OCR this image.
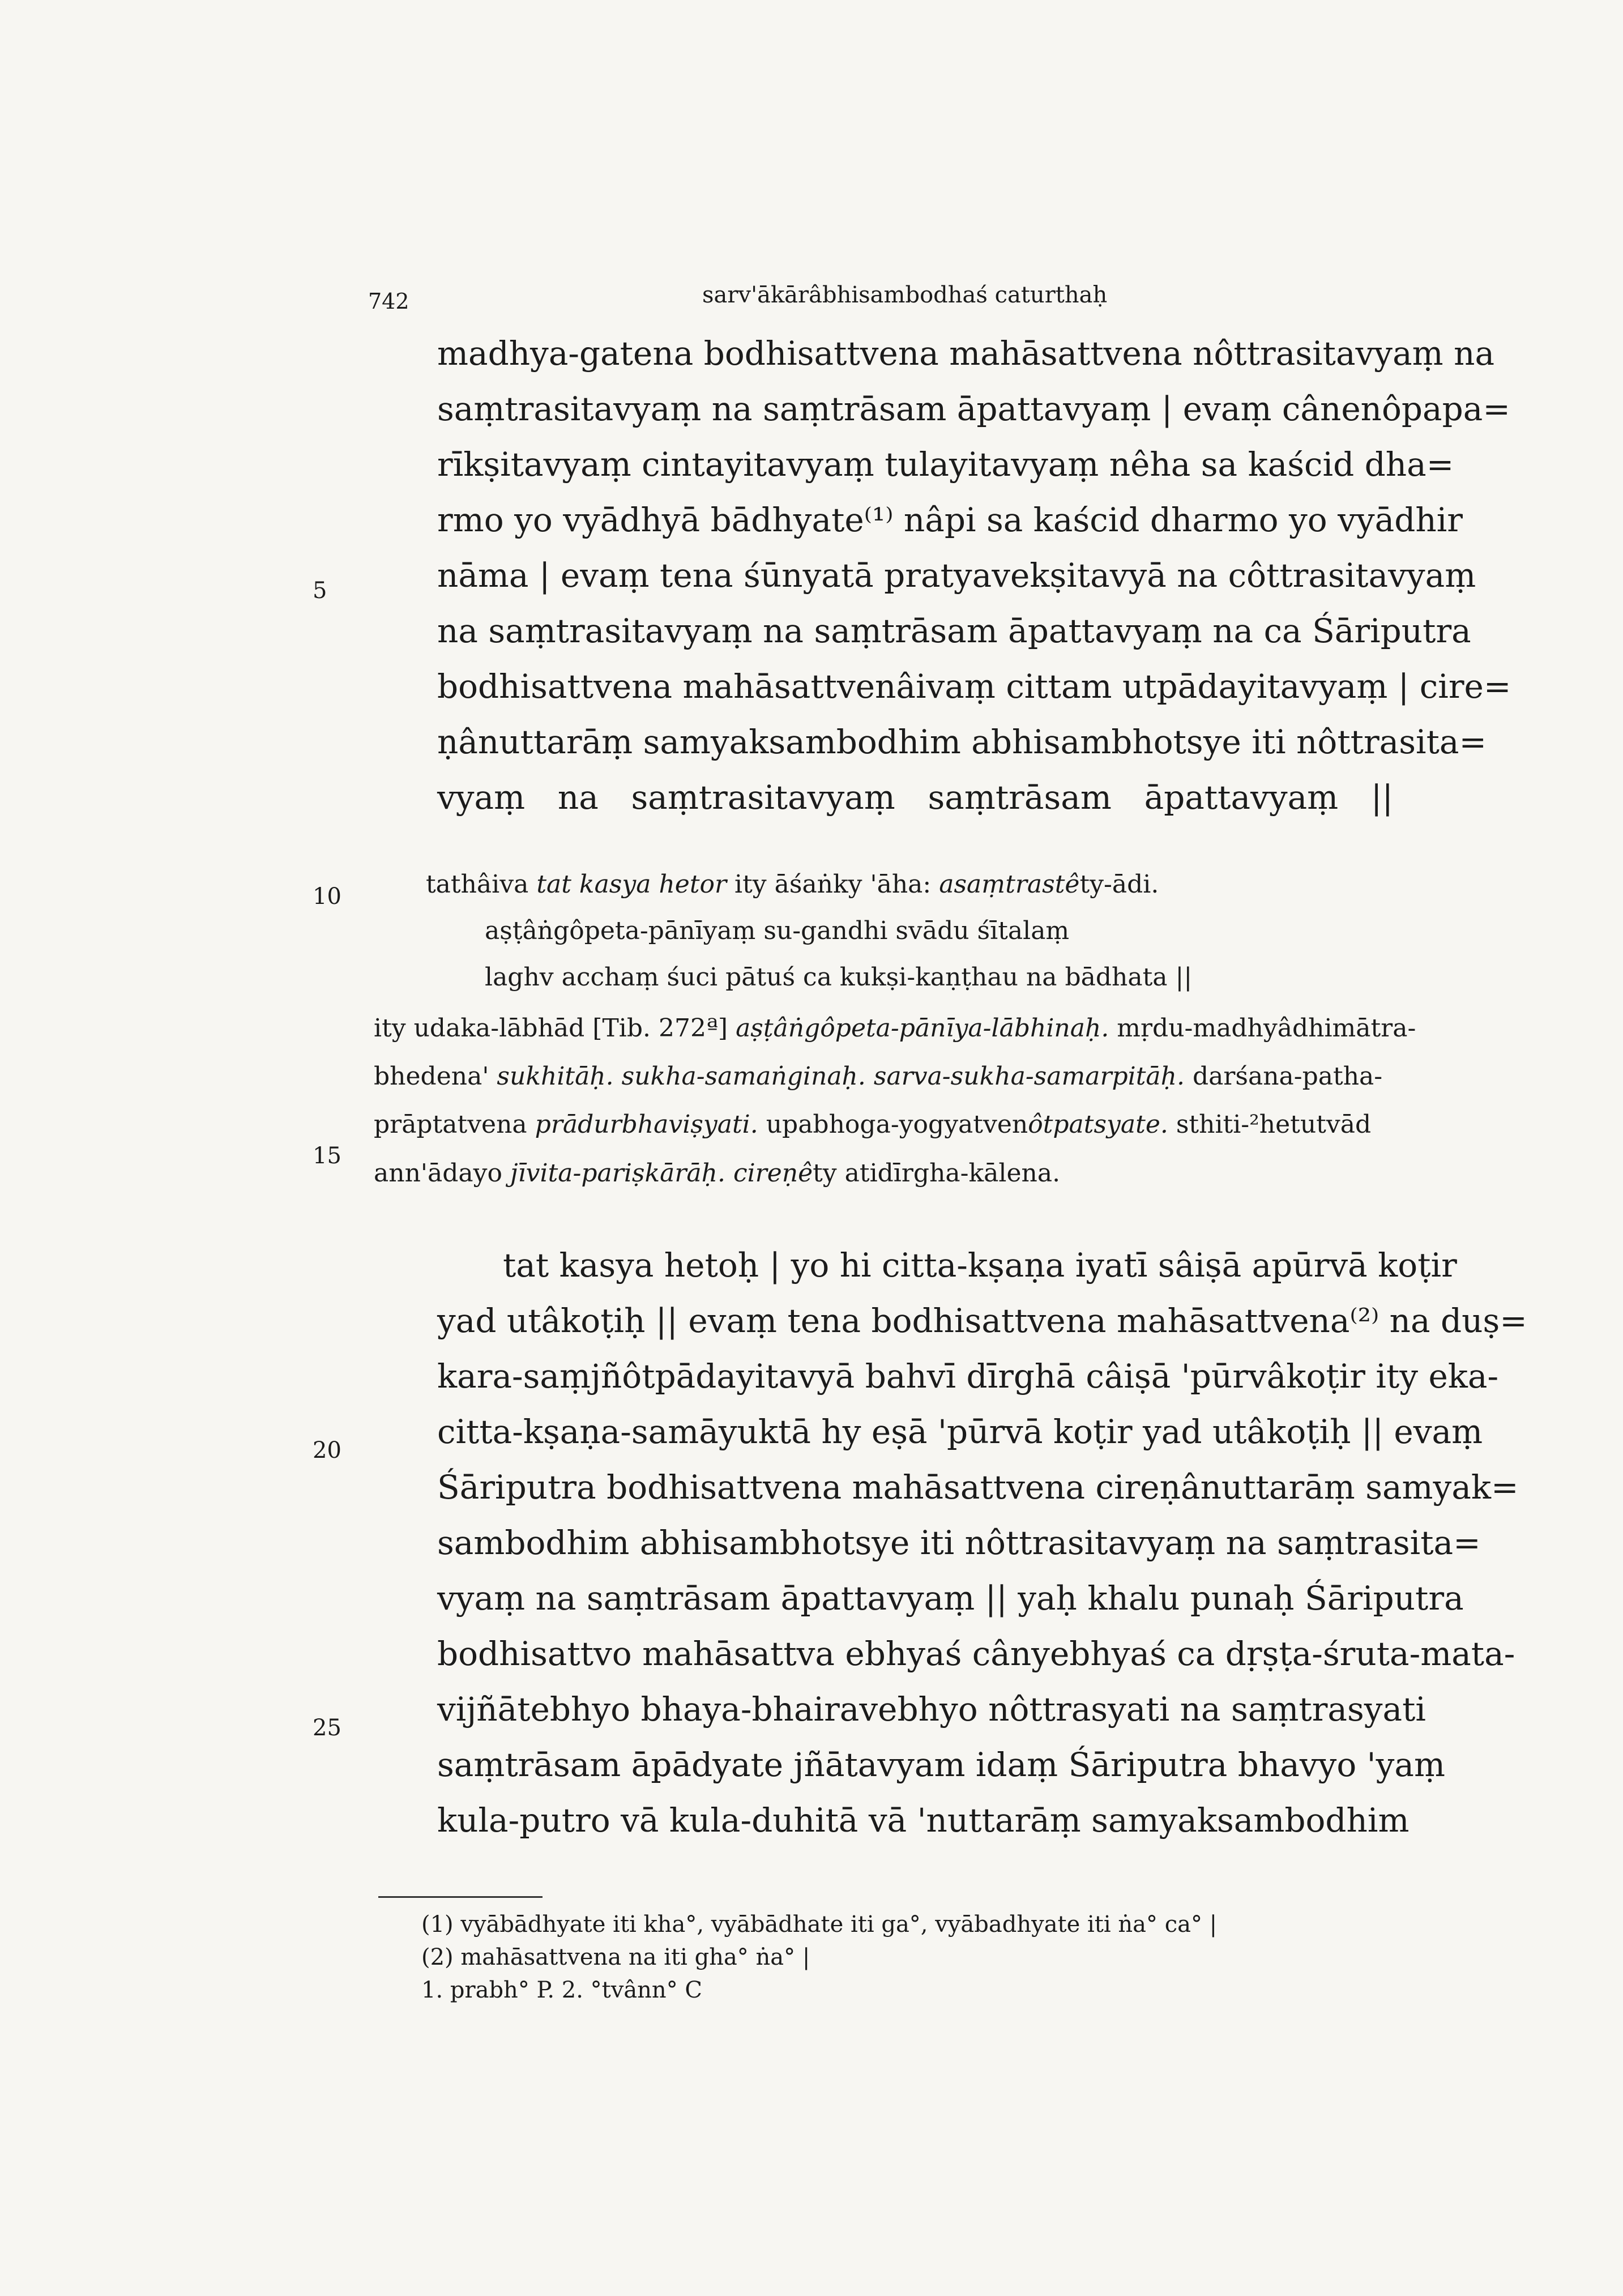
742	sarv'ākārâbhisambodhaś caturthaḥ
madhya-gatena bodhisattvena mahāsattvena nôttrasitavyaṃ na
saṃtrasitavyaṃ na saṃtrāsam āpattavyaṃ | evaṃ cânenôpapa=
rīkṣitavyaṃ cintayitavyaṃ tulayitavyaṃ nêha sa kaścid dha=
rmo yo vyādhyā bādhyate⁽¹⁾ nâpi sa kaścid dharmo yo vyādhir
nāma | evaṃ tena śūnyatā pratyavekṣitavyā na côttrasitavyaṃ
na saṃtrasitavyaṃ na saṃtrāsam āpattavyaṃ na ca Śāriputra
bodhisattvena mahāsattvenâivaṃ cittam utpādayitavyaṃ | cire=
ṇânuttarāṃ samyaksambodhim abhisambhotsye iti nôttrasita=
vyaṃ na saṃtrasitavyaṃ saṃtrāsam āpattavyaṃ ||
tathâiva tat kasya hetor ity āśaṅky 'āha: asaṃtrastêty-ādi.
aṣṭâṅgôpeta-pānīyaṃ su-gandhi svādu śītalaṃ
laghv acchaṃ śuci pātuś ca kukṣi-kaṇṭhau na bādhata ||
ity udaka-lābhād [Tib. 272ª] aṣṭâṅgôpeta-pānīya-lābhinaḥ. mṛdu-madhyâdhimātra-
bhedena' sukhitāḥ. sukha-samaṅginaḥ. sarva-sukha-samarpitāḥ. darśana-patha-
prāptatvena prādurbhaviṣyati. upabhoga-yogyatvenôtpatsyate. sthiti-²hetutvād
ann'ādayo jīvita-pariṣkārāḥ. cireṇêty atidīrgha-kālena.
tat kasya hetoḥ | yo hi citta-kṣaṇa iyatī sâiṣā apūrvā koṭir
yad utâkoṭiḥ || evaṃ tena bodhisattvena mahāsattvena⁽²⁾ na duṣ=
kara-saṃjñôtpādayitavyā bahvī dīrghā câiṣā 'pūrvâkoṭir ity eka-
citta-kṣaṇa-samāyuktā hy eṣā 'pūrvā koṭir yad utâkoṭiḥ || evaṃ
Śāriputra bodhisattvena mahāsattvena cireṇânuttarāṃ samyak=
sambodhim abhisambhotsye iti nôttrasitavyaṃ na saṃtrasita=
vyaṃ na saṃtrāsam āpattavyaṃ || yaḥ khalu punaḥ Śāriputra
bodhisattvo mahāsattva ebhyaś cânyebhyaś ca dṛṣṭa-śruta-mata-
vijñātebhyo bhaya-bhairavebhyo nôttrasyati na saṃtrasyati
saṃtrāsam āpādyate jñātavyam idaṃ Śāriputra bhavyo 'yaṃ
kula-putro vā kula-duhitā vā 'nuttarāṃ samyaksambodhim
5
10
15
20
25
(1) vyābādhyate iti kha°, vyābādhate iti ga°, vyābadhyate iti ṅa° ca° |
(2) mahāsattvena na iti gha° ṅa° |
1. prabh° P. 2. °tvânn° C
